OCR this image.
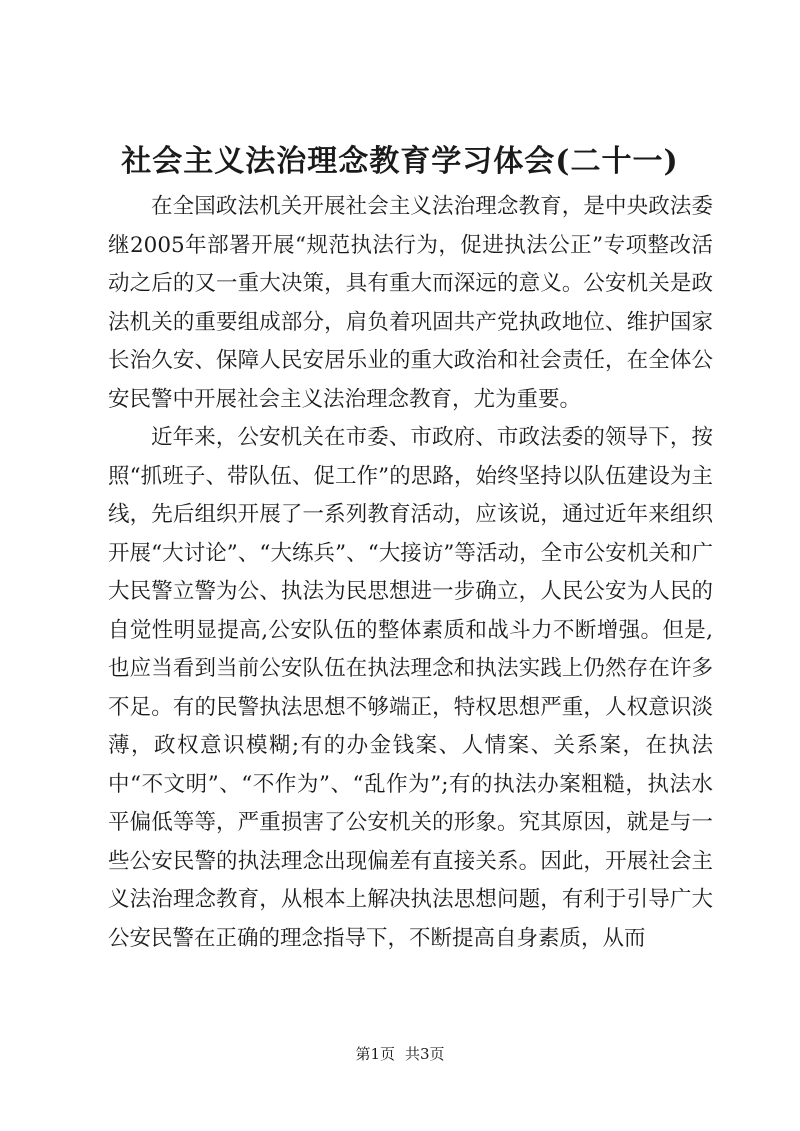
社会主义法治理念教育学习体会(二十一)

在全国政法机关开展社会主义法治理念教育，是中央政法委继2005年部署开展“规范执法行为，促进执法公正”专项整改活动之后的又一重大决策，具有重大而深远的意义。公安机关是政法机关的重要组成部分，肩负着巩固共产党执政地位、维护国家长治久安、保障人民安居乐业的重大政治和社会责任，在全体公安民警中开展社会主义法治理念教育，尤为重要。

近年来，公安机关在市委、市政府、市政法委的领导下，按照“抓班子、带队伍、促工作”的思路，始终坚持以队伍建设为主线，先后组织开展了一系列教育活动，应该说，通过近年来组织开展“大讨论”、“大练兵”、“大接访”等活动，全市公安机关和广大民警立警为公、执法为民思想进一步确立，人民公安为人民的自觉性明显提高,公安队伍的整体素质和战斗力不断增强。但是,也应当看到当前公安队伍在执法理念和执法实践上仍然存在许多不足。有的民警执法思想不够端正，特权思想严重，人权意识淡薄，政权意识模糊;有的办金钱案、人情案、关系案，在执法中“不文明”、“不作为”、“乱作为”;有的执法办案粗糙，执法水平偏低等等，严重损害了公安机关的形象。究其原因，就是与一些公安民警的执法理念出现偏差有直接关系。因此，开展社会主义法治理念教育，从根本上解决执法思想问题，有利于引导广大公安民警在正确的理念指导下，不断提高自身素质，从而

第1页 共3页
